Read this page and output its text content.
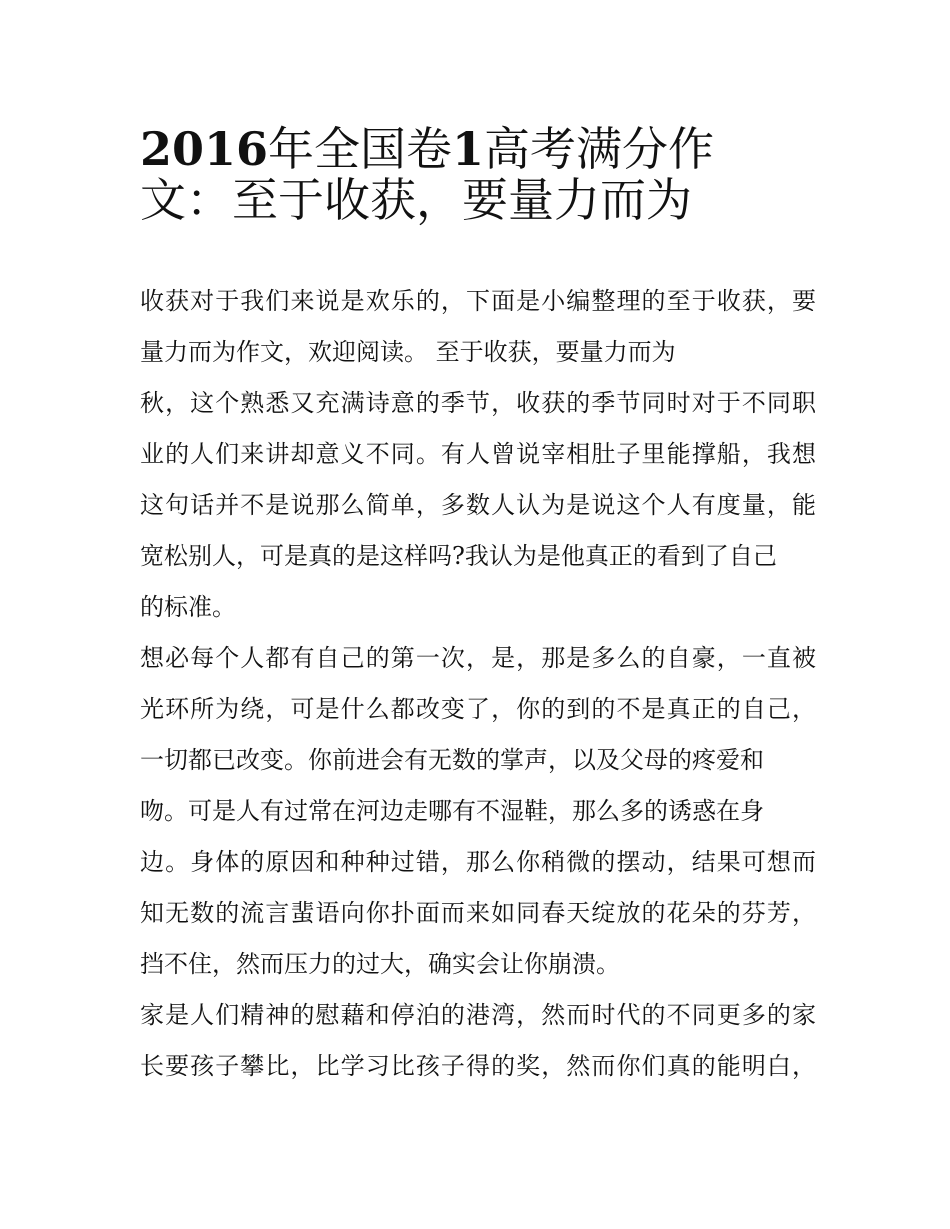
2016年全国卷1高考满分作
文：至于收获，要量力而为
收获对于我们来说是欢乐的，下面是小编整理的至于收获，要
量力而为作文，欢迎阅读。 至于收获，要量力而为
秋，这个熟悉又充满诗意的季节，收获的季节同时对于不同职
业的人们来讲却意义不同。有人曾说宰相肚子里能撑船，我想
这句话并不是说那么简单，多数人认为是说这个人有度量，能
宽松别人，可是真的是这样吗?我认为是他真正的看到了自己
的标准。
想必每个人都有自己的第一次，是，那是多么的自豪，一直被
光环所为绕，可是什么都改变了，你的到的不是真正的自己，
一切都已改变。你前进会有无数的掌声，以及父母的疼爱和
吻。可是人有过常在河边走哪有不湿鞋，那么多的诱惑在身
边。身体的原因和种种过错，那么你稍微的摆动，结果可想而
知无数的流言蜚语向你扑面而来如同春天绽放的花朵的芬芳，
挡不住，然而压力的过大，确实会让你崩溃。
家是人们精神的慰藉和停泊的港湾，然而时代的不同更多的家
长要孩子攀比，比学习比孩子得的奖，然而你们真的能明白，
